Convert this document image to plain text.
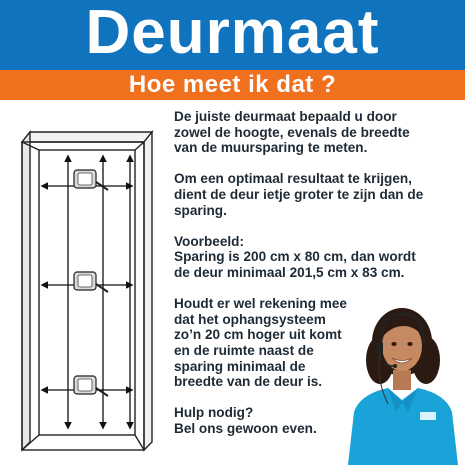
Deurmaat
Hoe meet ik dat ?

De juiste deurmaat bepaald u door
zowel de hoogte, evenals de breedte
van de muursparing te meten.

Om een optimaal resultaat te krijgen,
dient de deur ietje groter te zijn dan de
sparing.

Voorbeeld:
Sparing is 200 cm x 80 cm, dan wordt
de deur minimaal 201,5 cm x 83 cm.

Houdt er wel rekening mee
dat het ophangsysteem
zo’n 20 cm hoger uit komt
en de ruimte naast de
sparing minimaal de
breedte van de deur is.

Hulp nodig?
Bel ons gewoon even.
